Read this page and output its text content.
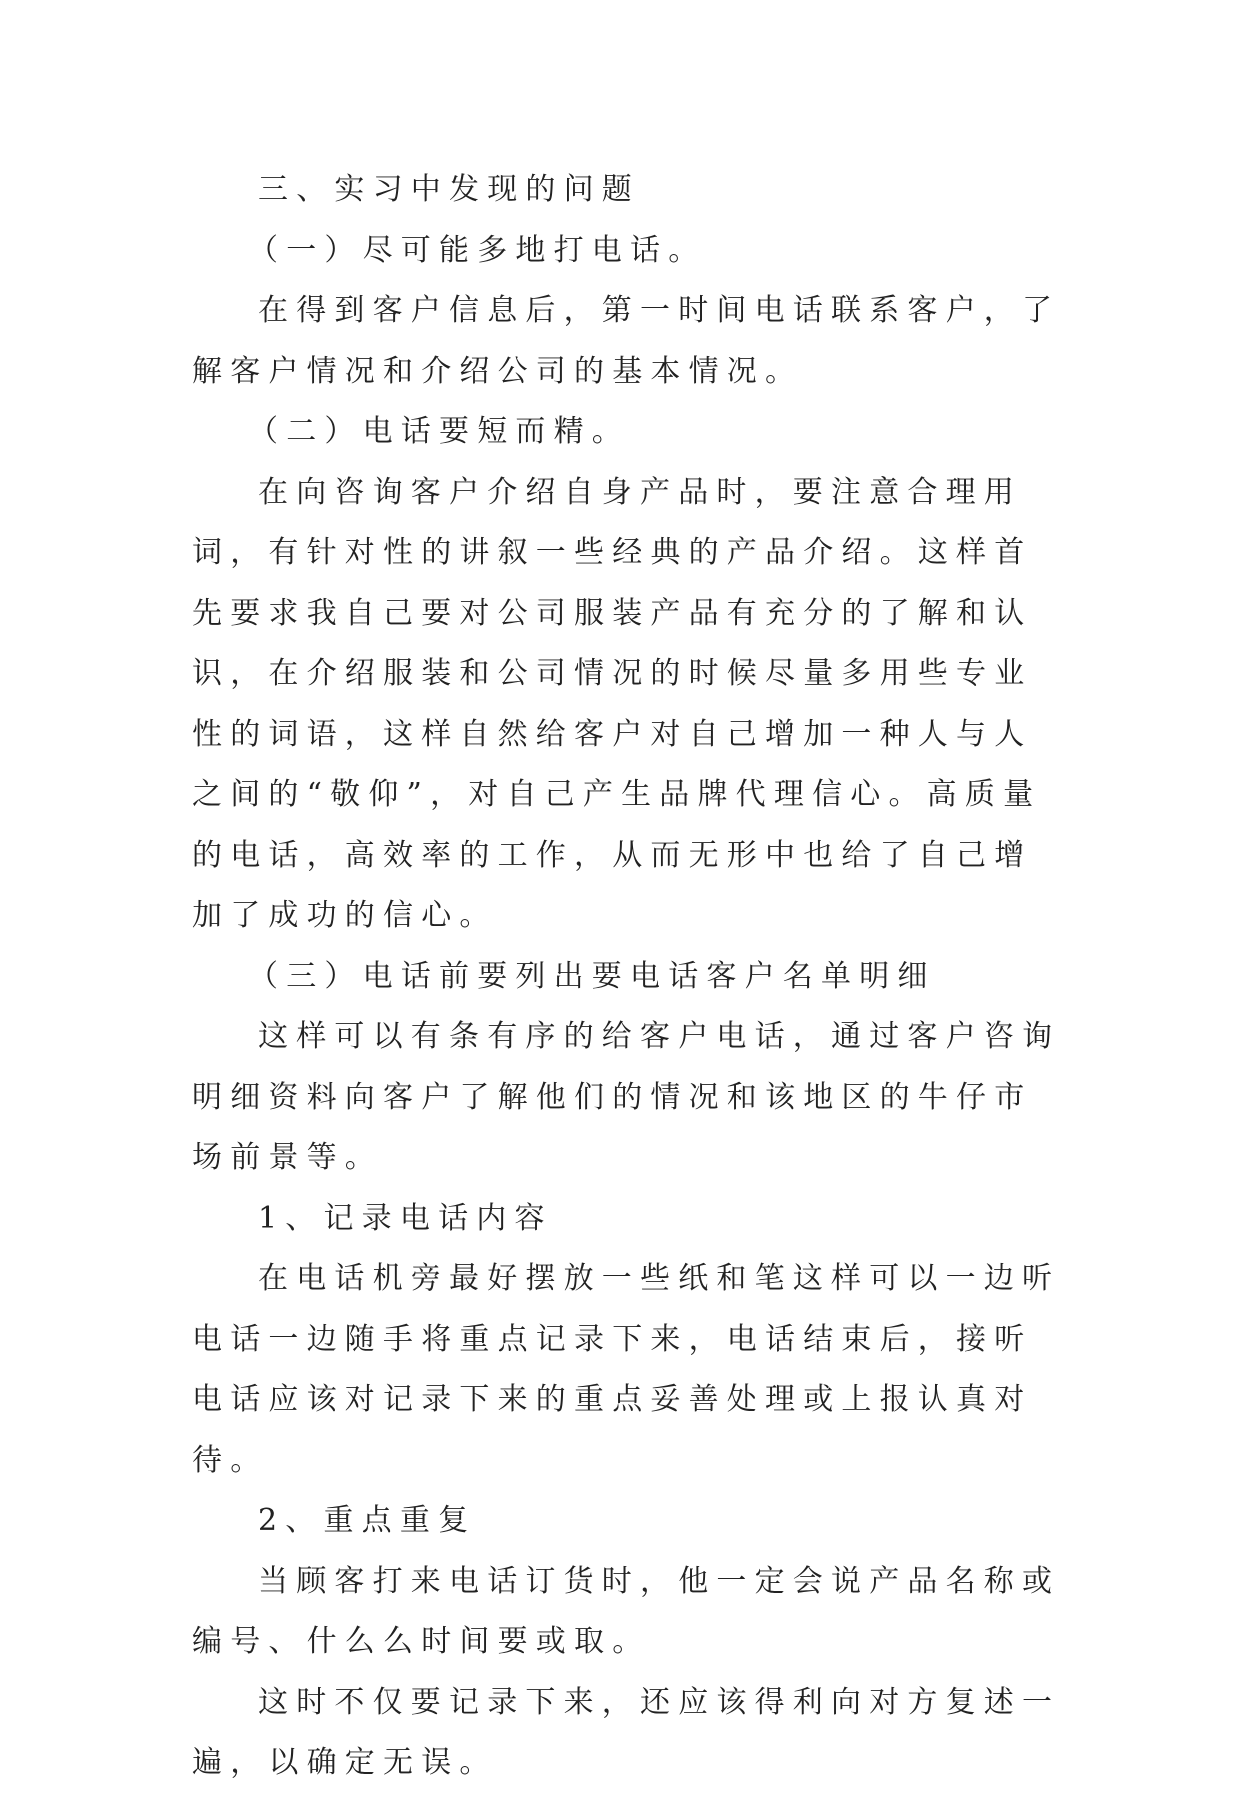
三、实习中发现的问题

（一）尽可能多地打电话。

在得到客户信息后，第一时间电话联系客户，了解客户情况和介绍公司的基本情况。

（二）电话要短而精。

在向咨询客户介绍自身产品时，要注意合理用词，有针对性的讲叙一些经典的产品介绍。这样首先要求我自己要对公司服装产品有充分的了解和认识，在介绍服装和公司情况的时候尽量多用些专业性的词语，这样自然给客户对自己增加一种人与人之间的“敬仰”，对自己产生品牌代理信心。高质量的电话，高效率的工作，从而无形中也给了自己增加了成功的信心。

（三）电话前要列出要电话客户名单明细

这样可以有条有序的给客户电话，通过客户咨询明细资料向客户了解他们的情况和该地区的牛仔市场前景等。

1、记录电话内容

在电话机旁最好摆放一些纸和笔这样可以一边听电话一边随手将重点记录下来，电话结束后，接听电话应该对记录下来的重点妥善处理或上报认真对待。

2、重点重复

当顾客打来电话订货时，他一定会说产品名称或编号、什么么时间要或取。

这时不仅要记录下来，还应该得利向对方复述一遍，以确定无误。
